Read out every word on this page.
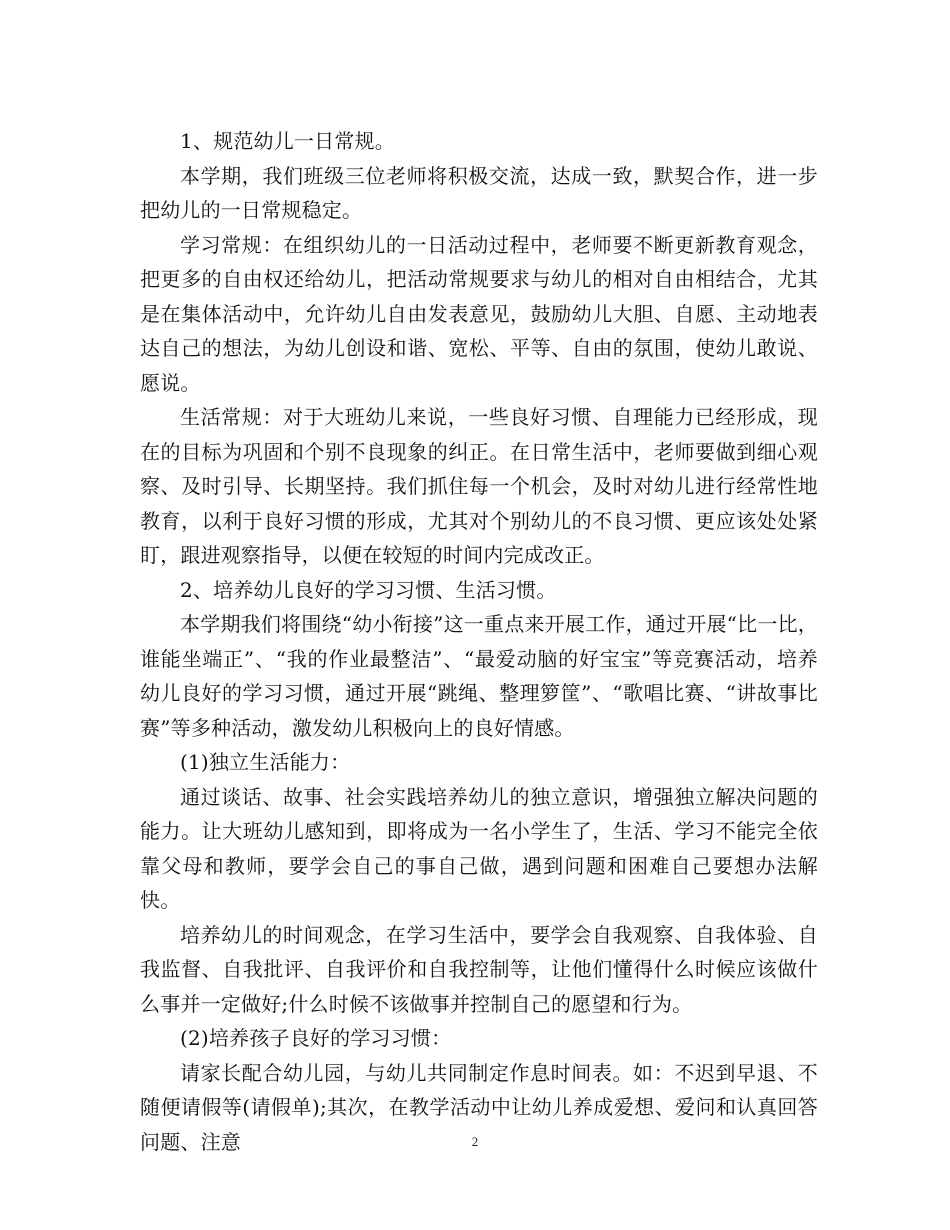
1、规范幼儿一日常规。

本学期，我们班级三位老师将积极交流，达成一致，默契合作，进一步把幼儿的一日常规稳定。

学习常规：在组织幼儿的一日活动过程中，老师要不断更新教育观念，把更多的自由权还给幼儿，把活动常规要求与幼儿的相对自由相结合，尤其是在集体活动中，允许幼儿自由发表意见，鼓励幼儿大胆、自愿、主动地表达自己的想法，为幼儿创设和谐、宽松、平等、自由的氛围，使幼儿敢说、愿说。

生活常规：对于大班幼儿来说，一些良好习惯、自理能力已经形成，现在的目标为巩固和个别不良现象的纠正。在日常生活中，老师要做到细心观察、及时引导、长期坚持。我们抓住每一个机会，及时对幼儿进行经常性地教育，以利于良好习惯的形成，尤其对个别幼儿的不良习惯、更应该处处紧盯，跟进观察指导，以便在较短的时间内完成改正。

2、培养幼儿良好的学习习惯、生活习惯。

本学期我们将围绕“幼小衔接”这一重点来开展工作，通过开展“比一比，谁能坐端正”、“我的作业最整洁”、“最爱动脑的好宝宝”等竞赛活动，培养幼儿良好的学习习惯，通过开展“跳绳、整理箩筐”、“歌唱比赛、“讲故事比赛”等多种活动，激发幼儿积极向上的良好情感。

(1)独立生活能力：

通过谈话、故事、社会实践培养幼儿的独立意识，增强独立解决问题的能力。让大班幼儿感知到，即将成为一名小学生了，生活、学习不能完全依靠父母和教师，要学会自己的事自己做，遇到问题和困难自己要想办法解快。

培养幼儿的时间观念，在学习生活中，要学会自我观察、自我体验、自我监督、自我批评、自我评价和自我控制等，让他们懂得什么时候应该做什么事并一定做好;什么时候不该做事并控制自己的愿望和行为。

(2)培养孩子良好的学习习惯：

请家长配合幼儿园，与幼儿共同制定作息时间表。如：不迟到早退、不随便请假等(请假单);其次，在教学活动中让幼儿养成爱想、爱问和认真回答问题、注意	2
